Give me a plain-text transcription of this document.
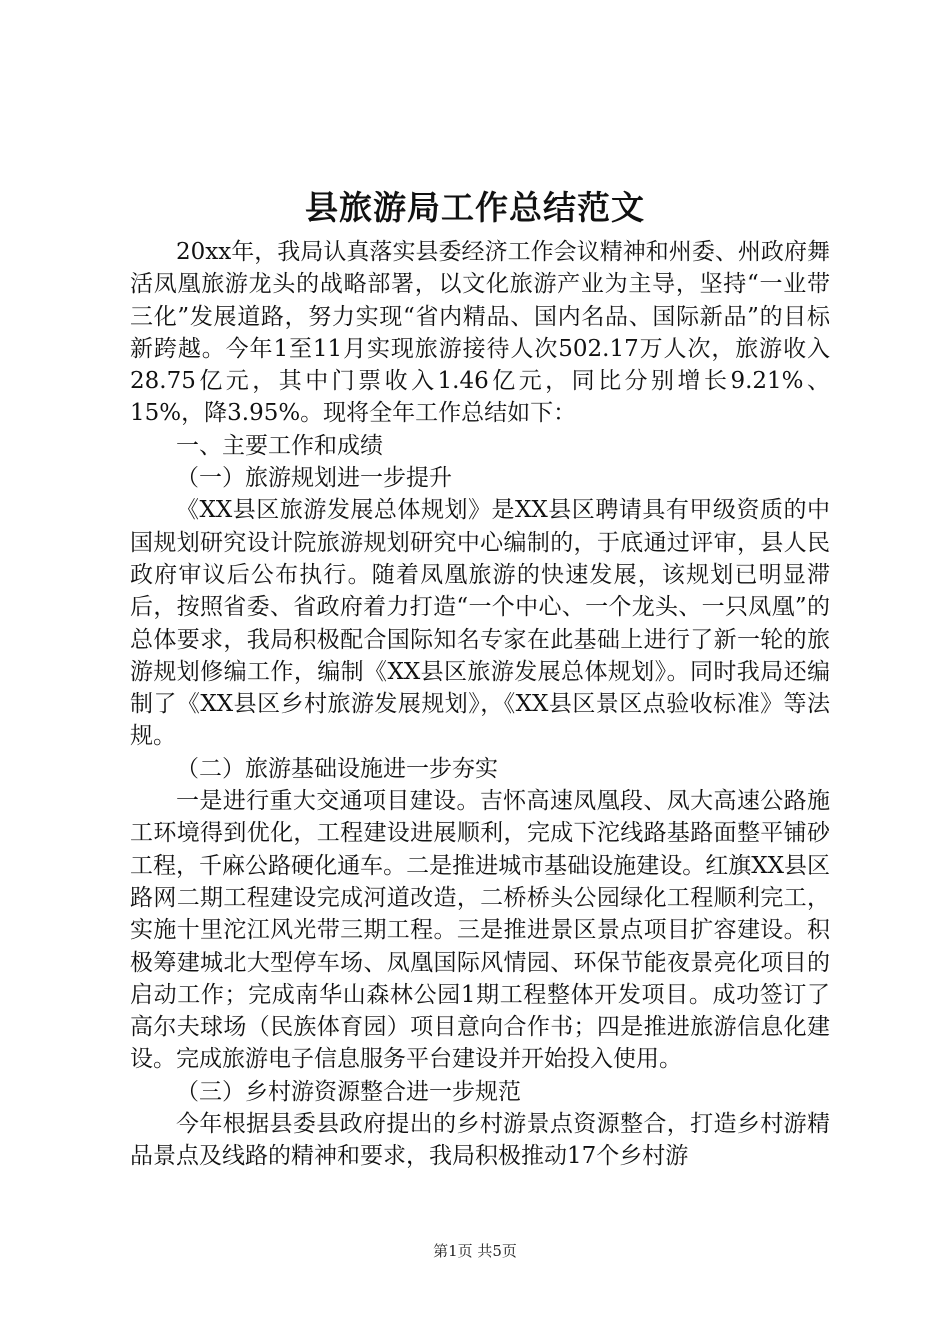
县旅游局工作总结范文

20xx年，我局认真落实县委经济工作会议精神和州委、州政府舞活凤凰旅游龙头的战略部署，以文化旅游产业为主导，坚持“一业带三化”发展道路，努力实现“省内精品、国内名品、国际新品”的目标新跨越。今年1至11月实现旅游接待人次502.17万人次，旅游收入28.75亿元，其中门票收入1.46亿元，同比分别增长9.21%、15%，降3.95%。现将全年工作总结如下：

一、主要工作和成绩

（一）旅游规划进一步提升

《XX县区旅游发展总体规划》是XX县区聘请具有甲级资质的中国规划研究设计院旅游规划研究中心编制的，于底通过评审，县人民政府审议后公布执行。随着凤凰旅游的快速发展，该规划已明显滞后，按照省委、省政府着力打造“一个中心、一个龙头、一只凤凰”的总体要求，我局积极配合国际知名专家在此基础上进行了新一轮的旅游规划修编工作，编制《XX县区旅游发展总体规划》。同时我局还编制了《XX县区乡村旅游发展规划》，《XX县区景区点验收标准》等法规。

（二）旅游基础设施进一步夯实

一是进行重大交通项目建设。吉怀高速凤凰段、凤大高速公路施工环境得到优化，工程建设进展顺利，完成下沱线路基路面整平铺砂工程，千麻公路硬化通车。二是推进城市基础设施建设。红旗XX县区路网二期工程建设完成河道改造，二桥桥头公园绿化工程顺利完工，实施十里沱江风光带三期工程。三是推进景区景点项目扩容建设。积极筹建城北大型停车场、凤凰国际风情园、环保节能夜景亮化项目的启动工作；完成南华山森林公园1期工程整体开发项目。成功签订了高尔夫球场（民族体育园）项目意向合作书；四是推进旅游信息化建设。完成旅游电子信息服务平台建设并开始投入使用。

（三）乡村游资源整合进一步规范

今年根据县委县政府提出的乡村游景点资源整合，打造乡村游精品景点及线路的精神和要求，我局积极推动17个乡村游

第1页 共5页
